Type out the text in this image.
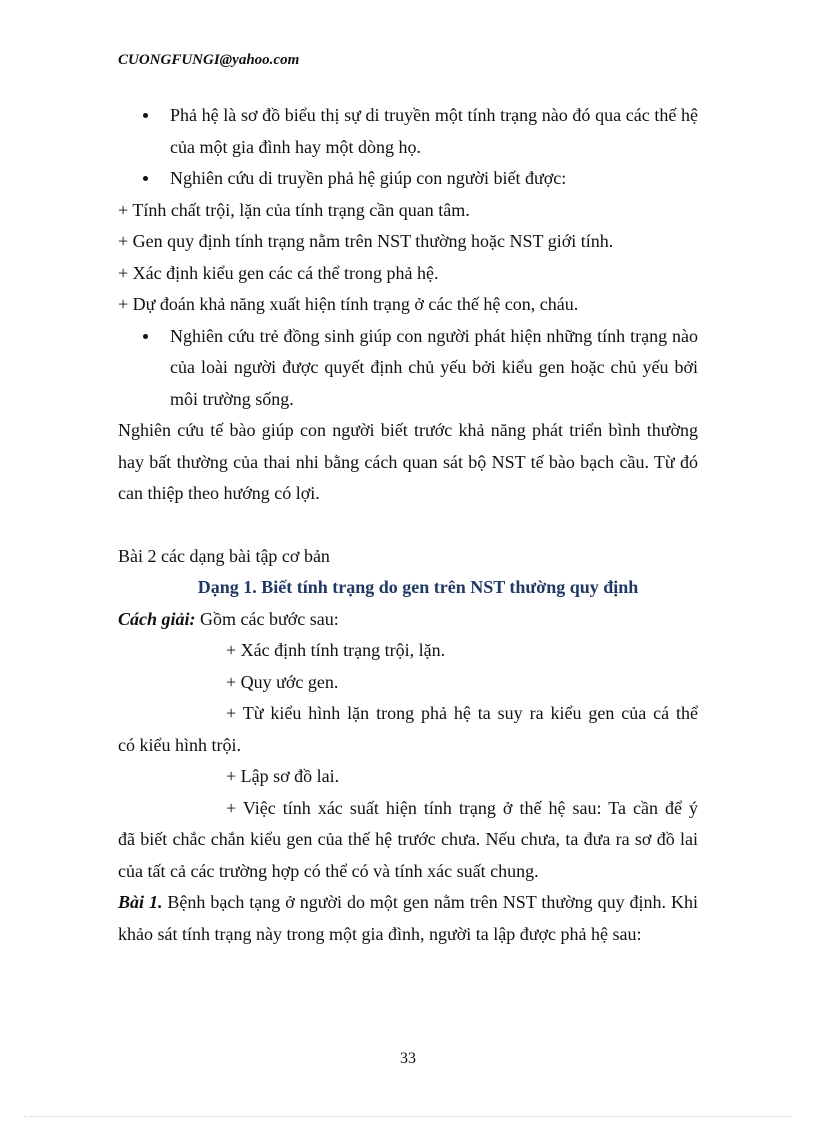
CUONGFUNGI@yahoo.com
Phả hệ là sơ đồ biểu thị sự di truyền một tính trạng nào đó qua các thế hệ của một gia đình hay một dòng họ.
Nghiên cứu di truyền phả hệ giúp con người biết được:

+ Tính chất trội, lặn của tính trạng cần quan tâm.

+ Gen quy định tính trạng nằm trên NST thường hoặc NST giới tính.

+ Xác định kiểu gen các cá thể trong phả hệ.

+ Dự đoán khả năng xuất hiện tính trạng ở các thế hệ con, cháu.

Nghiên cứu trẻ đồng sinh giúp con người phát hiện những tính trạng nào của loài người được quyết định chủ yếu bởi kiểu gen hoặc chủ yếu bởi môi trường sống.

Nghiên cứu tế bào giúp con người biết trước khả năng phát triển bình thường hay bất thường của thai nhi bằng cách quan sát bộ NST tế bào bạch cầu. Từ đó can thiệp theo hướng có lợi.

Bài 2 các dạng bài tập cơ bản

Dạng 1. Biết tính trạng do gen trên NST thường quy định

Cách giải: Gồm các bước sau:

+ Xác định tính trạng trội, lặn.

+ Quy ước gen.

+ Từ kiểu hình lặn trong phả hệ ta suy ra kiểu gen của cá thể

có kiểu hình trội.

+ Lập sơ đồ lai.

+ Việc tính xác suất hiện tính trạng ở thế hệ sau: Ta cần để ý

đã biết chắc chắn kiểu gen của thế hệ trước chưa. Nếu chưa, ta đưa ra sơ đồ lai của tất cả các trường hợp có thể có và tính xác suất chung.

Bài 1. Bệnh bạch tạng ở người do một gen nằm trên NST thường quy định. Khi khảo sát tính trạng này trong một gia đình, người ta lập được phả hệ sau:

33
